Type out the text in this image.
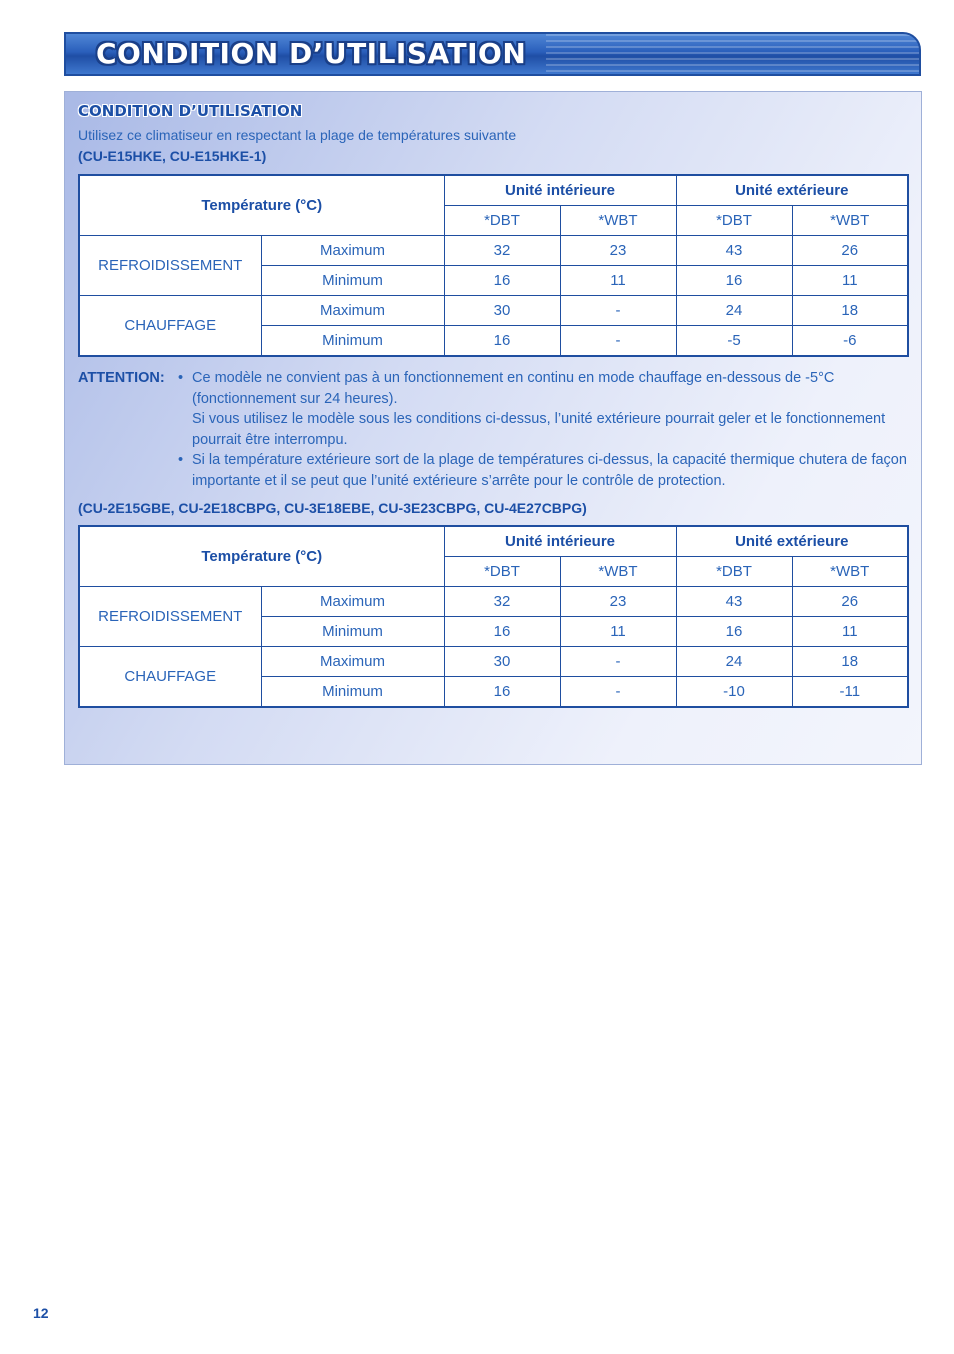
CONDITION D’UTILISATION
CONDITION D’UTILISATION
Utilisez ce climatiseur en respectant la plage de températures suivante
(CU-E15HKE, CU-E15HKE-1)
Température (°C)		Unité intérieure		Unité extérieure	
		*DBT	*WBT	*DBT	*WBT
REFROIDISSEMENT	Maximum	32	23	43	26
	Minimum	16	11	16	11
CHAUFFAGE	Maximum	30	-	24	18
	Minimum	16	-	-5	-6
ATTENTION: • Ce modèle ne convient pas à un fonctionnement en continu en mode chauffage en-dessous de -5°C (fonctionnement sur 24 heures).
Si vous utilisez le modèle sous les conditions ci-dessus, l’unité extérieure pourrait geler et le fonctionnement pourrait être interrompu.
• Si la température extérieure sort de la plage de températures ci-dessus, la capacité thermique chutera de façon importante et il se peut que l’unité extérieure s’arrête pour le contrôle de protection.
(CU-2E15GBE, CU-2E18CBPG, CU-3E18EBE, CU-3E23CBPG, CU-4E27CBPG)
Température (°C)		Unité intérieure		Unité extérieure	
		*DBT	*WBT	*DBT	*WBT
REFROIDISSEMENT	Maximum	32	23	43	26
	Minimum	16	11	16	11
CHAUFFAGE	Maximum	30	-	24	18
	Minimum	16	-	-10	-11
12
